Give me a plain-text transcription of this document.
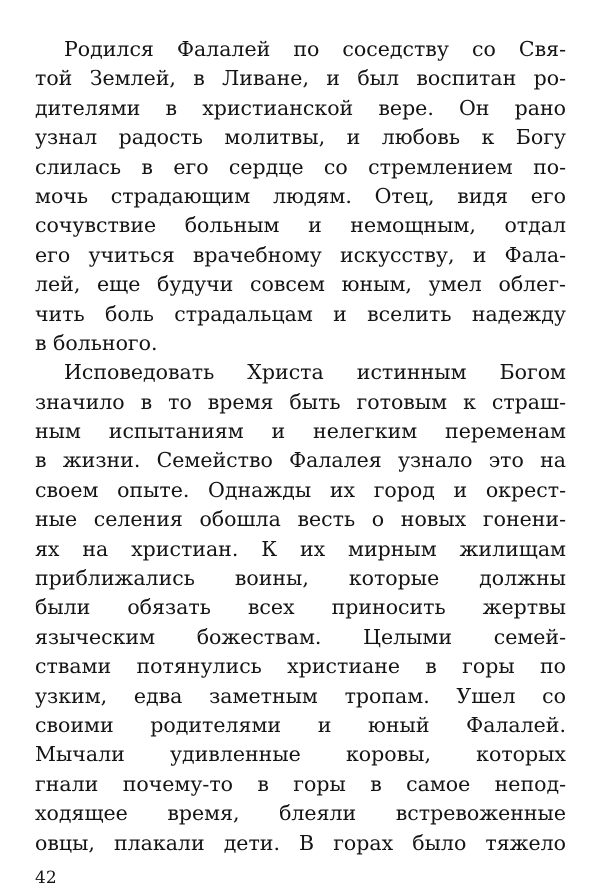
Родился Фалалей по соседству со Свя-
той Землей, в Ливане, и был воспитан ро-
дителями в христианской вере. Он рано
узнал радость молитвы, и любовь к Богу
слилась в его сердце со стремлением по-
мочь страдающим людям. Отец, видя его
сочувствие больным и немощным, отдал
его учиться врачебному искусству, и Фала-
лей, еще будучи совсем юным, умел облег-
чить боль страдальцам и вселить надежду
в больного.
Исповедовать Христа истинным Богом
значило в то время быть готовым к страш-
ным испытаниям и нелегким переменам
в жизни. Семейство Фалалея узнало это на
своем опыте. Однажды их город и окрест-
ные селения обошла весть о новых гонени-
ях на христиан. К их мирным жилищам
приближались воины, которые должны
были обязать всех приносить жертвы
языческим божествам. Целыми семей-
ствами потянулись христиане в горы по
узким, едва заметным тропам. Ушел со
своими родителями и юный Фалалей.
Мычали удивленные коровы, которых
гнали почему-то в горы в самое непод-
ходящее время, блеяли встревоженные
овцы, плакали дети. В горах было тяжело
42
